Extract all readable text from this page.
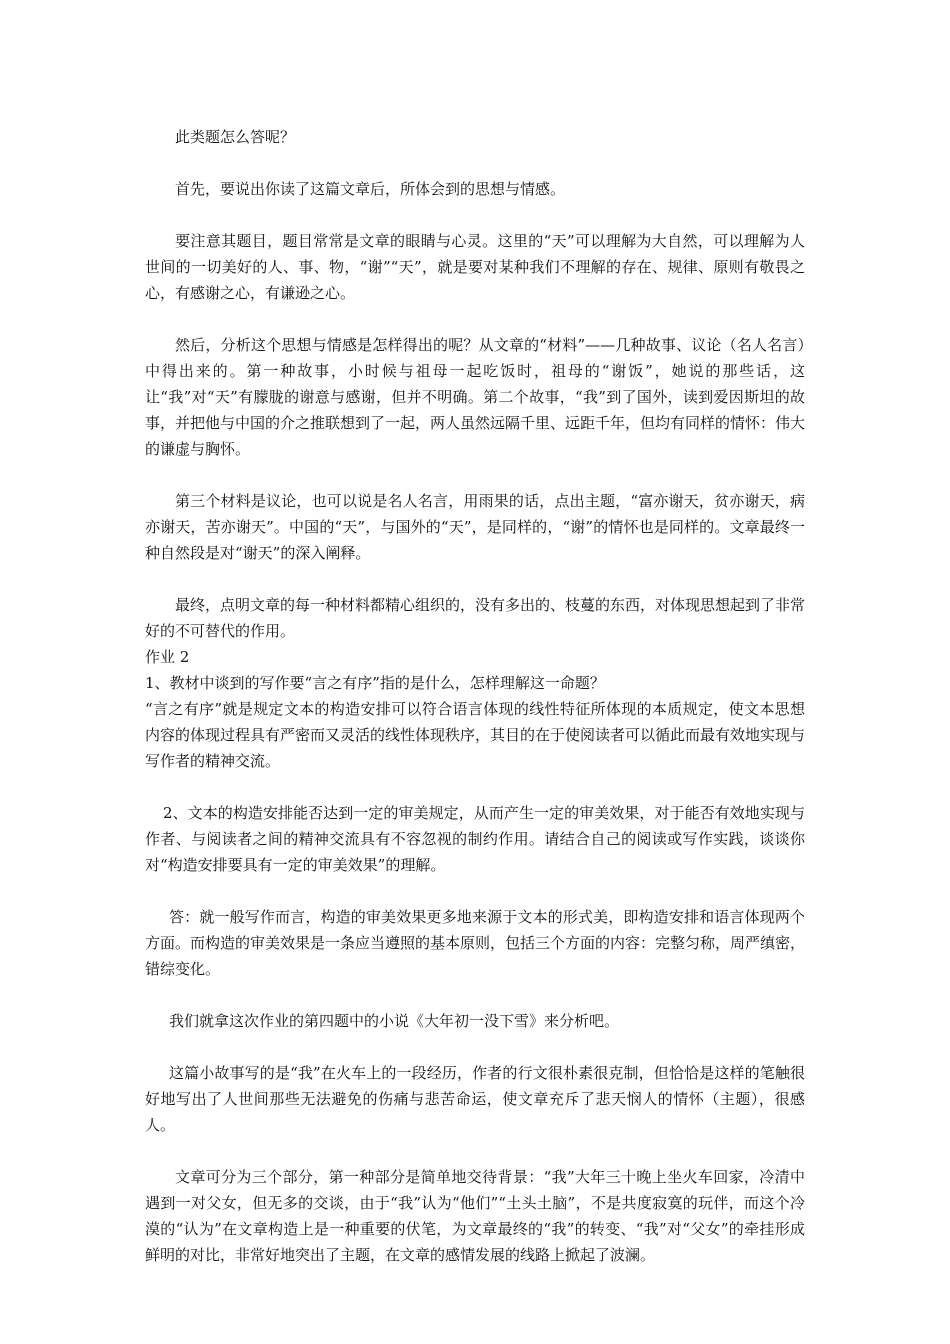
此类题怎么答呢？

首先，要说出你读了这篇文章后，所体会到的思想与情感。

要注意其题目，题目常常是文章的眼睛与心灵。这里的“天”可以理解为大自然，可以理解为人世间的一切美好的人、事、物，“谢”“天”，就是要对某种我们不理解的存在、规律、原则有敬畏之心，有感谢之心，有谦逊之心。

然后，分析这个思想与情感是怎样得出的呢？从文章的“材料”——几种故事、议论（名人名言）中得出来的。第一种故事，小时候与祖母一起吃饭时，祖母的“谢饭”，她说的那些话，这让“我”对“天”有朦胧的谢意与感谢，但并不明确。第二个故事，“我”到了国外，读到爱因斯坦的故事，并把他与中国的介之推联想到了一起，两人虽然远隔千里、远距千年，但均有同样的情怀：伟大的谦虚与胸怀。

第三个材料是议论，也可以说是名人名言，用雨果的话，点出主题，“富亦谢天，贫亦谢天，病亦谢天，苦亦谢天”。中国的“天”，与国外的“天”，是同样的，“谢”的情怀也是同样的。文章最终一种自然段是对“谢天”的深入阐释。

最终，点明文章的每一种材料都精心组织的，没有多出的、枝蔓的东西，对体现思想起到了非常好的不可替代的作用。

作业 2

1、教材中谈到的写作要“言之有序”指的是什么，怎样理解这一命题？

“言之有序”就是规定文本的构造安排可以符合语言体现的线性特征所体现的本质规定，使文本思想内容的体现过程具有严密而又灵活的线性体现秩序，其目的在于使阅读者可以循此而最有效地实现与写作者的精神交流。

2、文本的构造安排能否达到一定的审美规定，从而产生一定的审美效果，对于能否有效地实现与作者、与阅读者之间的精神交流具有不容忽视的制约作用。请结合自己的阅读或写作实践，谈谈你对“构造安排要具有一定的审美效果”的理解。

答：就一般写作而言，构造的审美效果更多地来源于文本的形式美，即构造安排和语言体现两个方面。而构造的审美效果是一条应当遵照的基本原则，包括三个方面的内容：完整匀称，周严缜密，错综变化。

我们就拿这次作业的第四题中的小说《大年初一没下雪》来分析吧。

这篇小故事写的是“我”在火车上的一段经历，作者的行文很朴素很克制，但恰恰是这样的笔触很好地写出了人世间那些无法避免的伤痛与悲苦命运，使文章充斥了悲天悯人的情怀（主题），很感人。

文章可分为三个部分，第一种部分是简单地交待背景：“我”大年三十晚上坐火车回家，冷清中遇到一对父女，但无多的交谈，由于“我”认为“他们”“土头土脑”，不是共度寂寞的玩伴，而这个冷漠的“认为”在文章构造上是一种重要的伏笔，为文章最终的“我”的转变、“我”对“父女”的牵挂形成鲜明的对比，非常好地突出了主题，在文章的感情发展的线路上掀起了波澜。
